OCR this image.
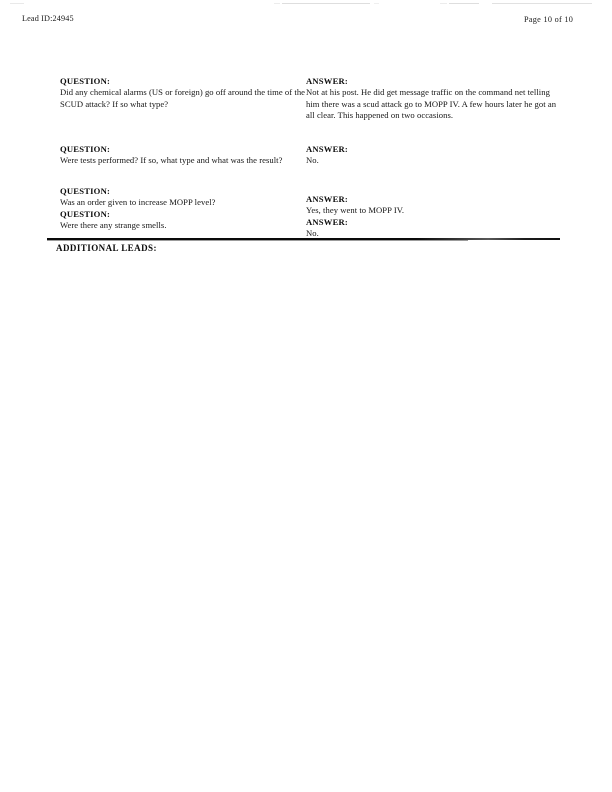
Lead ID:24945	Page 10 of 10

QUESTION:

Did any chemical alarms (US or foreign) go off around the time of the SCUD attack? If so what type?

ANSWER:

Not at his post. He did get message traffic on the command net telling him there was a scud attack go to MOPP IV. A few hours later he got an all clear. This happened on two occasions.

QUESTION:

Were tests performed? If so, what type and what was the result?

ANSWER:

No.

QUESTION:

Was an order given to increase MOPP level?	ANSWER:

Yes, they went to MOPP IV.

QUESTION:

Were there any strange smells.	ANSWER:

No.

ADDITIONAL LEADS:
